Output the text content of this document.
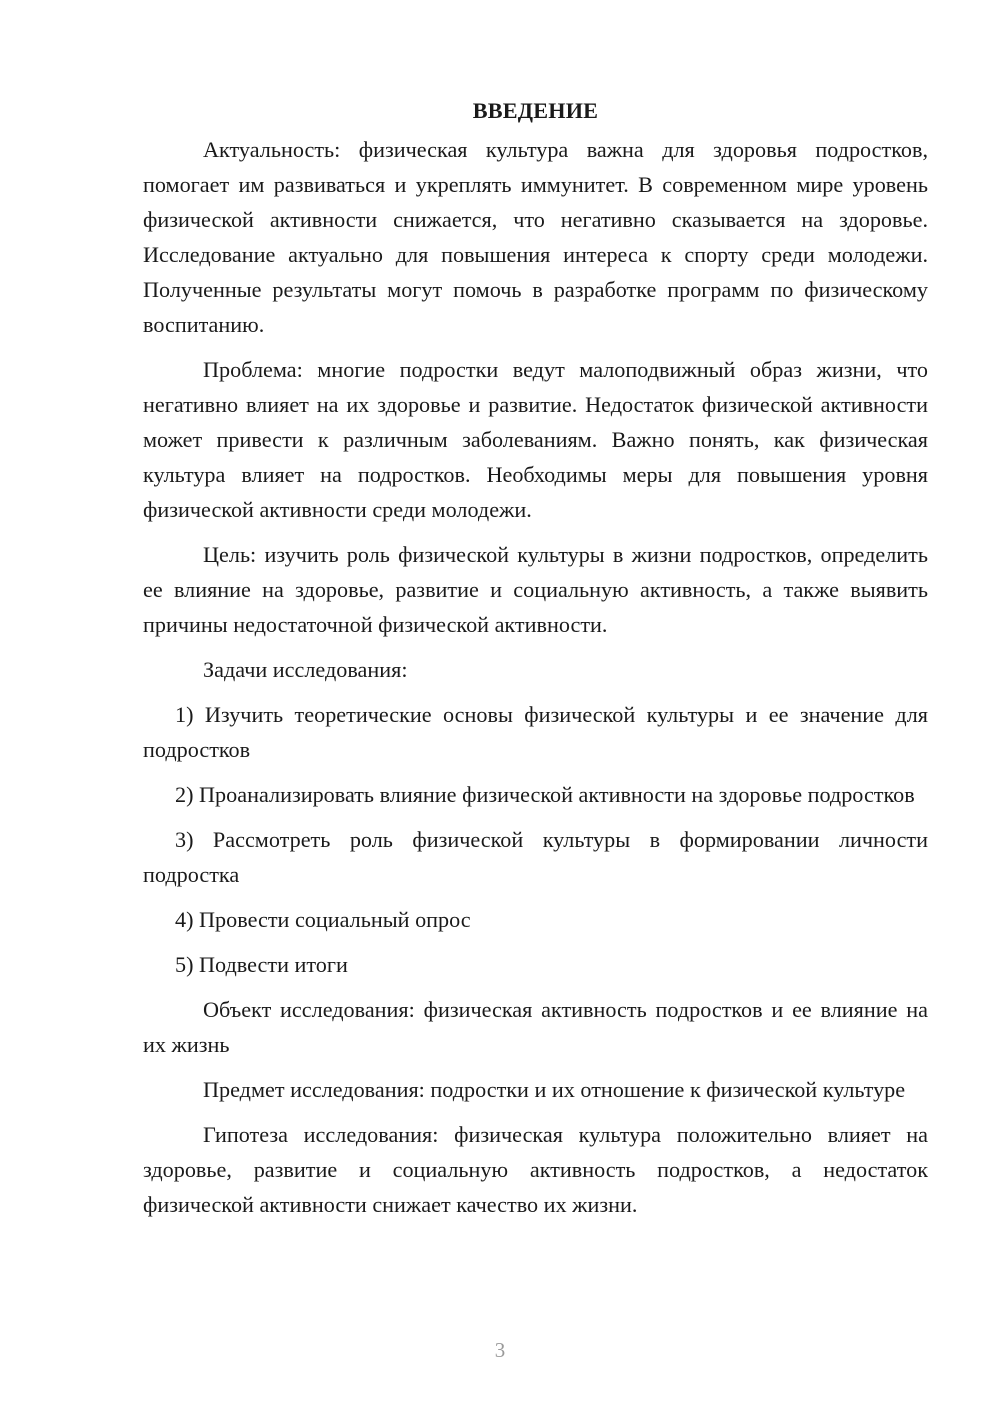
ВВЕДЕНИЕ

Актуальность: физическая культура важна для здоровья подростков, помогает им развиваться и укреплять иммунитет. В современном мире уровень физической активности снижается, что негативно сказывается на здоровье. Исследование актуально для повышения интереса к спорту среди молодежи. Полученные результаты могут помочь в разработке программ по физическому воспитанию.

Проблема: многие подростки ведут малоподвижный образ жизни, что негативно влияет на их здоровье и развитие. Недостаток физической активности может привести к различным заболеваниям. Важно понять, как физическая культура влияет на подростков. Необходимы меры для повышения уровня физической активности среди молодежи.

Цель: изучить роль физической культуры в жизни подростков, определить ее влияние на здоровье, развитие и социальную активность, а также выявить причины недостаточной физической активности.

Задачи исследования:

1) Изучить теоретические основы физической культуры и ее значение для подростков

2) Проанализировать влияние физической активности на здоровье подростков

3) Рассмотреть роль физической культуры в формировании личности подростка

4) Провести социальный опрос

5) Подвести итоги

Объект исследования: физическая активность подростков и ее влияние на их жизнь

Предмет исследования: подростки и их отношение к физической культуре

Гипотеза исследования: физическая культура положительно влияет на здоровье, развитие и социальную активность подростков, а недостаток физической активности снижает качество их жизни.

3
